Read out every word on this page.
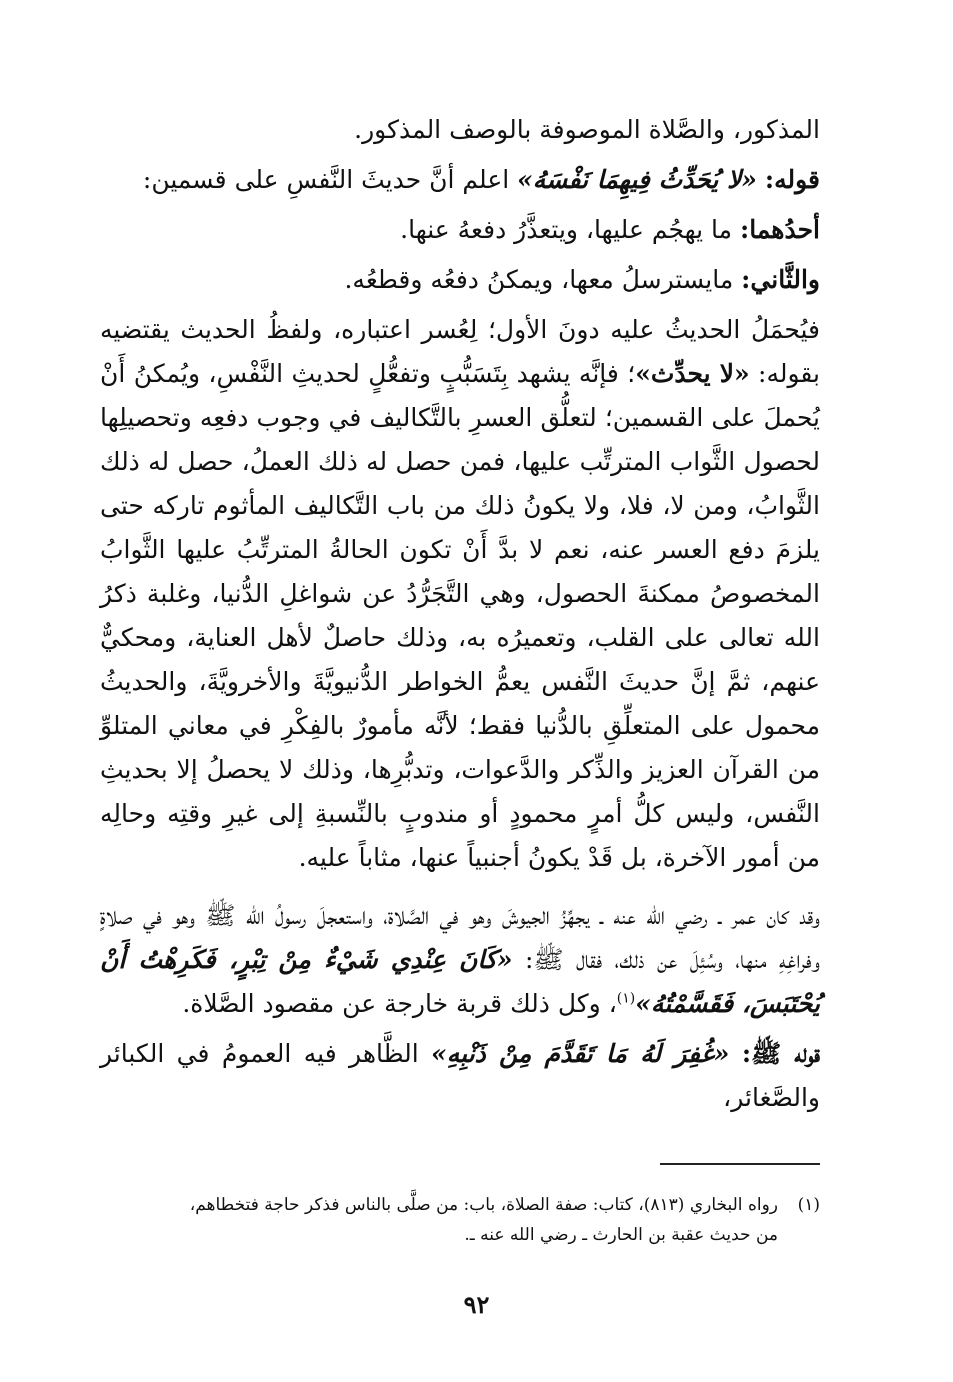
المذكور، والصَّلاة الموصوفة بالوصف المذكور.

قوله: «لا يُحَدِّثُ فِيهِمَا نَفْسَهُ» اعلم أنَّ حديثَ النَّفسِ على قسمين:

أحدُهما: ما يهجُم عليها، ويتعذَّرُ دفعهُ عنها.

والثَّاني: مايسترسلُ معها، ويمكنُ دفعُه وقطعُه.

فيُحمَلُ الحديثُ عليه دونَ الأول؛ لِعُسر اعتباره، ولفظُ الحديث يقتضيه بقوله: «لا يحدِّث»؛ فإنَّه يشهد بِتَسَبُّبٍ وتفعُّلٍ لحديثِ النَّفْسِ، ويُمكنُ أَنْ يُحملَ على القسمين؛ لتعلُّق العسرِ بالتَّكاليف في وجوب دفعِه وتحصيلِها لحصول الثَّواب المترتِّب عليها، فمن حصل له ذلك العملُ، حصل له ذلك الثَّوابُ، ومن لا، فلا، ولا يكونُ ذلك من باب التَّكاليف المأثوم تاركه حتى يلزمَ دفع العسر عنه، نعم لا بدَّ أَنْ تكون الحالةُ المترتِّبُ عليها الثَّوابُ المخصوصُ ممكنةَ الحصول، وهي التَّجَرُّدُ عن شواغلِ الدُّنيا، وغلبة ذكرُ الله تعالى على القلب، وتعميرُه به، وذلك حاصلٌ لأهل العناية، ومحكيٌّ عنهم، ثمَّ إنَّ حديثَ النَّفس يعمُّ الخواطر الدُّنيويَّةَ والأخرويَّةَ، والحديثُ محمول على المتعلِّقِ بالدُّنيا فقط؛ لأنَّه مأمورٌ بالفِكْرِ في معاني المتلوِّ من القرآن العزيز والذِّكر والدَّعوات، وتدبُّرِها، وذلك لا يحصلُ إلا بحديثِ النَّفس، وليس كلُّ أمرٍ محمودٍ أو مندوبٍ بالنِّسبةِ إلى غيرِ وقتِه وحالِه من أمور الآخرة، بل قَدْ يكونُ أجنبياً عنها، مثاباً عليه.

وقد كان عمر ـ رضي الله عنه ـ يجهِّزُ الجيوشَ وهو في الصَّلاة، واستعجلَ رسولُ الله ﷺ وهو في صلاةٍ وفراغِهِ منها، وسُئِلَ عن ذلك، فقال ﷺ: «كَانَ عِنْدِي شَيْءٌ مِنْ تِبْرٍ، فَكَرِهْتُ أَنْ يُحْتَبَسَ، فَقَسَّمْتُهُ»$^{(١)}$، وكل ذلك قربة خارجة عن مقصود الصَّلاة.

قوله ﷺ: «غُفِرَ لَهُ مَا تَقَدَّمَ مِنْ ذَنْبِهِ» الظَّاهر فيه العمومُ في الكبائر والصَّغائر،

(١)رواه البخاري (٨١٣)، كتاب: صفة الصلاة، باب: من صلَّى بالناس فذكر حاجة فتخطاهم،
من حديث عقبة بن الحارث ـ رضي الله عنه ـ.
٩٢
